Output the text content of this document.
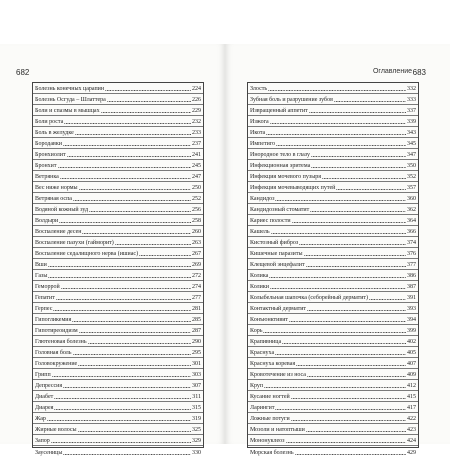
682	Оглавление 683
Болезнь конечных царапин	224
Болезнь Осгуда – Шлаттера	226
Боли и спазмы в мышцах	229
Боли роста	232
Боль в желудке	233
Бородавки	237
Бронхиолит	241
Бронхит	245
Ветрянка	247
Вес ниже нормы	250
Ветряная оспа	252
Водяной кожный зуд	256
Волдыри	258
Воспаление десен	260
Воспаление пазухи (гайморит)	263
Воспаление седалищного нерва (ишиас)	267
Вши	269
Газы	272
Геморрой	274
Гепатит	277
Герпес	281
Гипогликемия	285
Гипотиреоидизм	287
Глютеновая болезнь	290
Головная боль	295
Головокружение	301
Грипп	303
Депрессия	307
Диабет	311
Диарея	315
Жар	319
Жирные волосы	325
Запор	329
Заусеницы	330
Злость	332
Зубная боль и разрушение зубов	333
Извращенный аппетит	337
Изжога	339
Икота	343
Импетиго	345
Инородное тело в глазу	347
Инфекционная эритема	350
Инфекция мочевого пузыря	352
Инфекция мочевыводящих путей	357
Кандидоз	360
Кандидозный стоматит	362
Кариес полости	364
Кашель	366
Кистозный фиброз	374
Кишечные паразиты	376
Клещевой энцефалит	377
Колика	386
Колики	387
Колыбельная шапочка (себорейный дерматит)	391
Контактный дерматит	393
Конъюнктивит	394
Корь	399
Крапивница	402
Краснуха	405
Краснуха коревая	407
Кровотечение из носа	409
Круп	412
Кусание ногтей	415
Ларингит	417
Ложные потуги	422
Мозоли и натоптыши	423
Мононуклеоз	424
Морская болезнь	429
